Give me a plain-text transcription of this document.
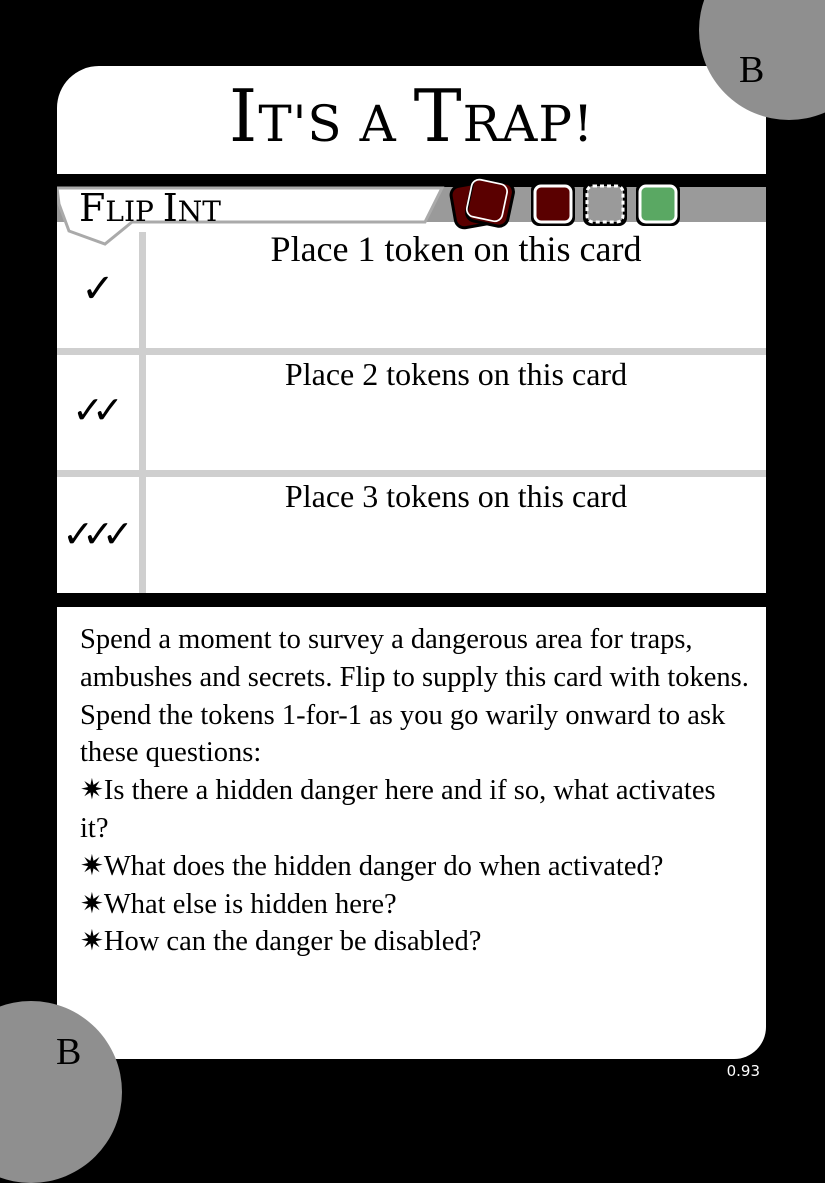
IT'S A TRAP!
B
FLIP INT
✓
Place 1 token on this card
✓✓
Place 2 tokens on this card
✓✓✓
Place 3 tokens on this card

Spend a moment to survey a dangerous area for traps, ambushes and secrets. Flip to supply this card with tokens. Spend the tokens 1-for-1 as you go warily onward to ask these questions:

✷Is there a hidden danger here and if so, what activates it?

✷What does the hidden danger do when activated?

✷What else is hidden here?

✷How can the danger be disabled?

B	0.93
